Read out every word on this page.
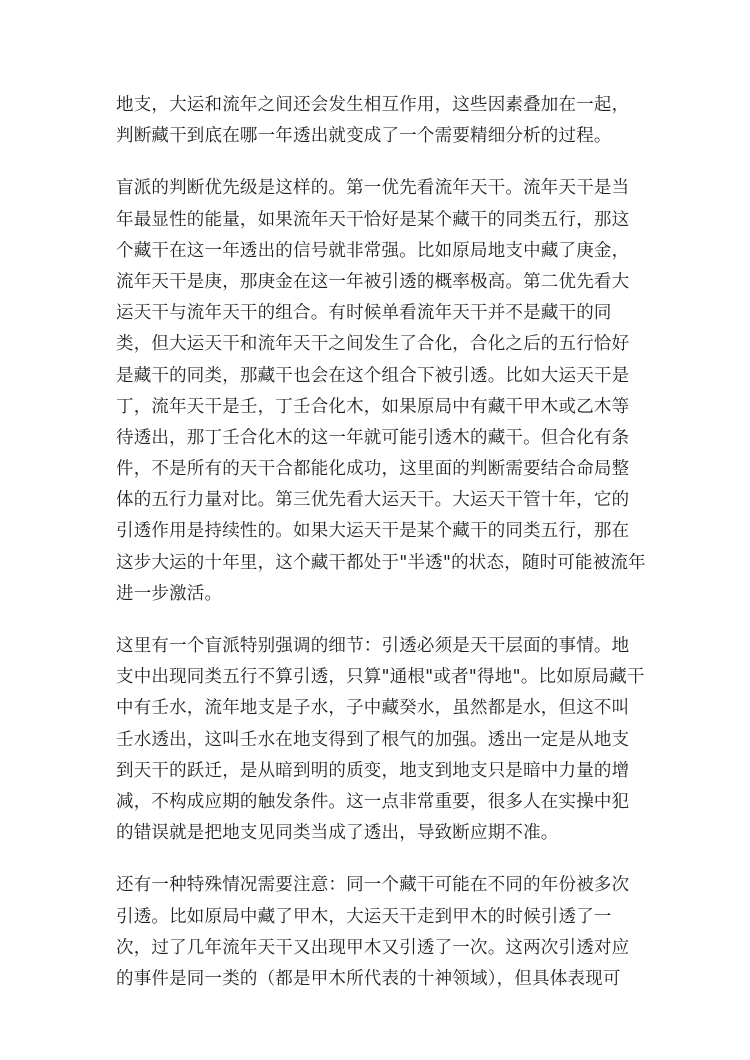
地支，大运和流年之间还会发生相互作用，这些因素叠加在一起，
判断藏干到底在哪一年透出就变成了一个需要精细分析的过程。
盲派的判断优先级是这样的。第一优先看流年天干。流年天干是当
年最显性的能量，如果流年天干恰好是某个藏干的同类五行，那这
个藏干在这一年透出的信号就非常强。比如原局地支中藏了庚金，
流年天干是庚，那庚金在这一年被引透的概率极高。第二优先看大
运天干与流年天干的组合。有时候单看流年天干并不是藏干的同
类，但大运天干和流年天干之间发生了合化，合化之后的五行恰好
是藏干的同类，那藏干也会在这个组合下被引透。比如大运天干是
丁，流年天干是壬，丁壬合化木，如果原局中有藏干甲木或乙木等
待透出，那丁壬合化木的这一年就可能引透木的藏干。但合化有条
件，不是所有的天干合都能化成功，这里面的判断需要结合命局整
体的五行力量对比。第三优先看大运天干。大运天干管十年，它的
引透作用是持续性的。如果大运天干是某个藏干的同类五行，那在
这步大运的十年里，这个藏干都处于"半透"的状态，随时可能被流年
进一步激活。
这里有一个盲派特别强调的细节：引透必须是天干层面的事情。地
支中出现同类五行不算引透，只算"通根"或者"得地"。比如原局藏干
中有壬水，流年地支是子水，子中藏癸水，虽然都是水，但这不叫
壬水透出，这叫壬水在地支得到了根气的加强。透出一定是从地支
到天干的跃迁，是从暗到明的质变，地支到地支只是暗中力量的增
减，不构成应期的触发条件。这一点非常重要，很多人在实操中犯
的错误就是把地支见同类当成了透出，导致断应期不准。
还有一种特殊情况需要注意：同一个藏干可能在不同的年份被多次
引透。比如原局中藏了甲木，大运天干走到甲木的时候引透了一
次，过了几年流年天干又出现甲木又引透了一次。这两次引透对应
的事件是同一类的（都是甲木所代表的十神领域），但具体表现可
